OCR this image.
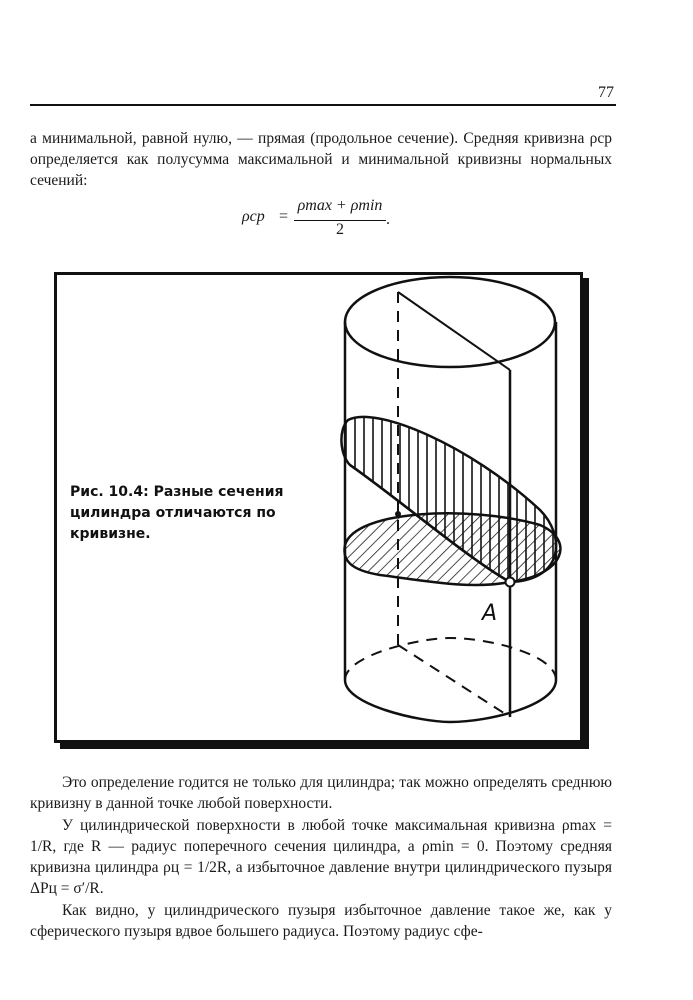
77

а минимальной, равной нулю, — прямая (продольное сечение). Средняя кривизна ρср определяется как полусумма максимальной и минимальной кривизны нормальных сечений:

ρср =
ρmax + ρmin
2
.

Рис. 10.4: Разные сечения цилиндра отличаются по кривизне.

A

Это определение годится не только для цилиндра; так можно определять среднюю кривизну в данной точке любой поверхности.

У цилиндрической поверхности в любой точке максимальная кривизна ρmax = 1/R, где R — радиус поперечного сечения цилиндра, а ρmin = 0. Поэтому средняя кривизна цилиндра ρц = 1/2R, а избыточное давление внутри цилиндрического пузыря ΔPц = σ′/R.

Как видно, у цилиндрического пузыря избыточное давление такое же, как у сферического пузыря вдвое большего радиуса. Поэтому радиус сфе-
